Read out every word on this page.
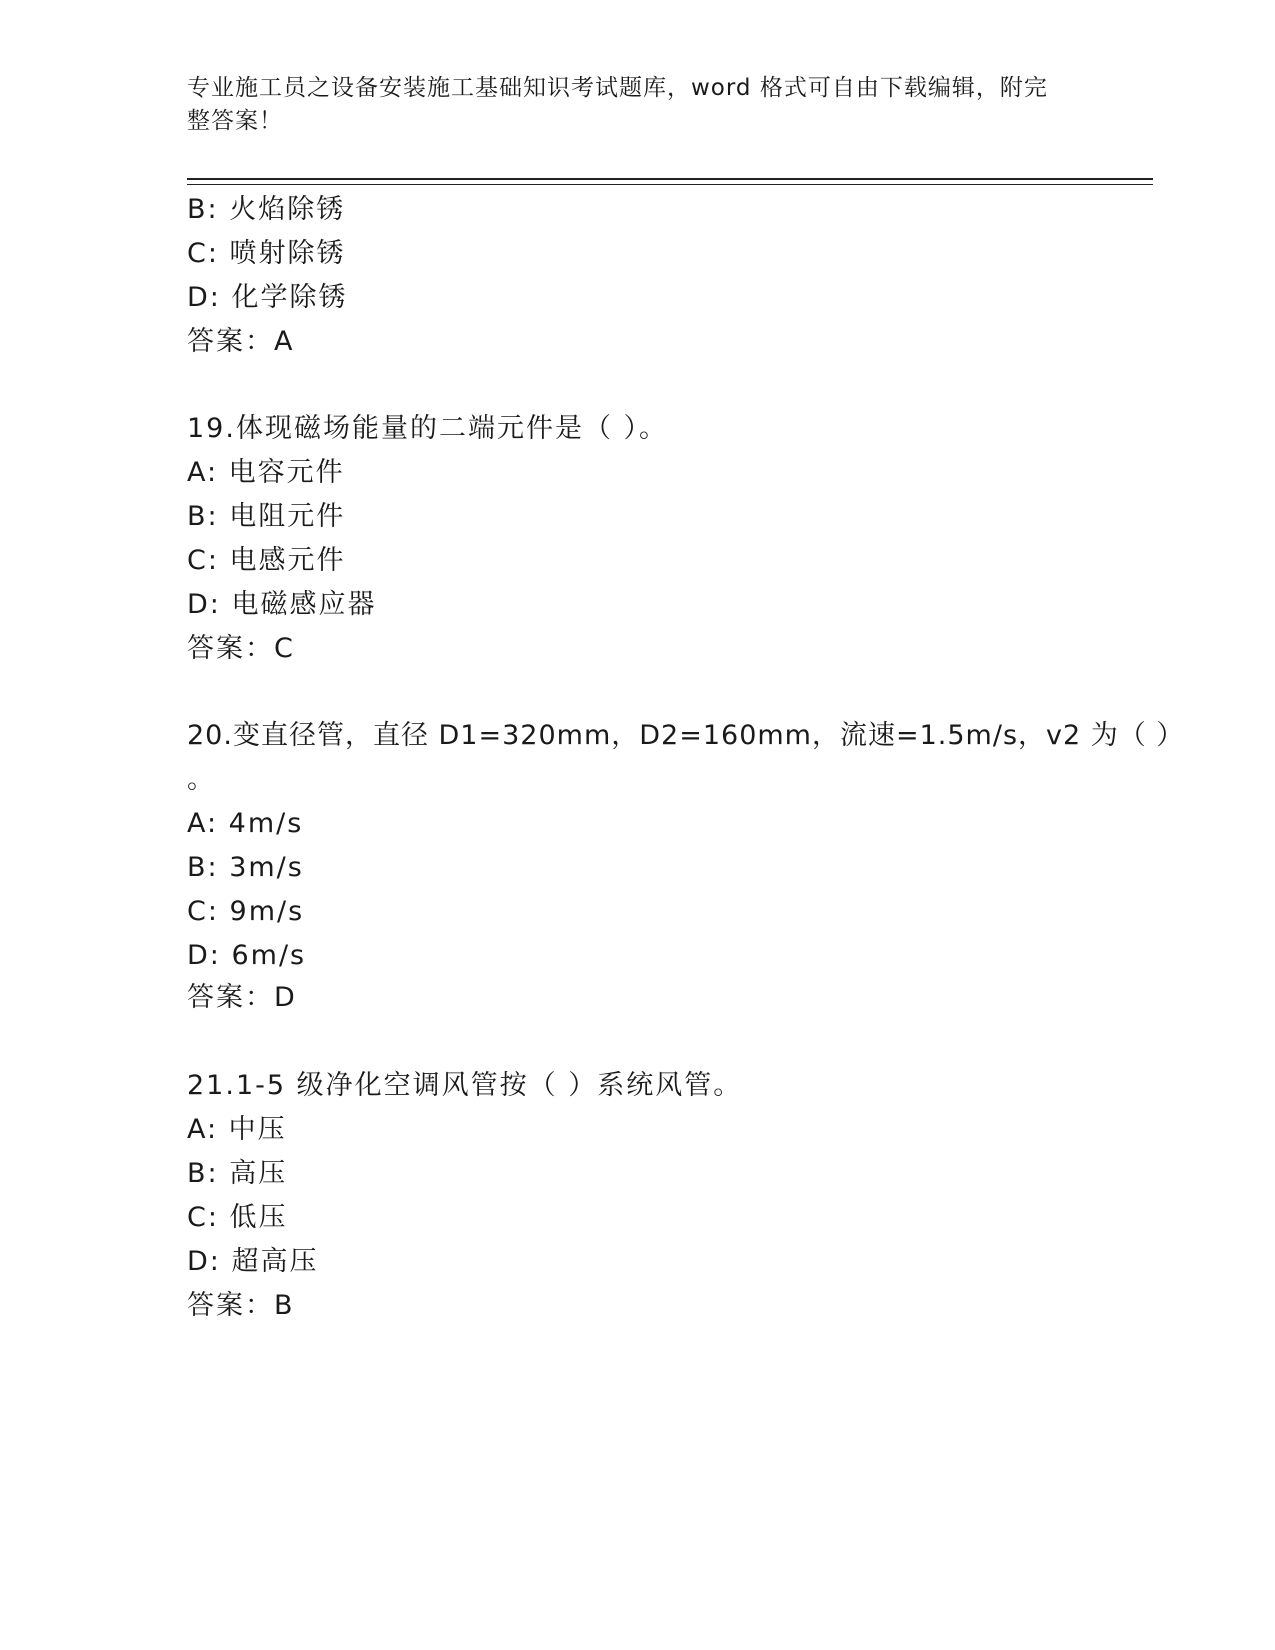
专业施工员之设备安装施工基础知识考试题库，word 格式可自由下载编辑，附完
整答案！
B: 火焰除锈
C: 喷射除锈
D: 化学除锈
答案：A
19.体现磁场能量的二端元件是（ ）。
A: 电容元件
B: 电阻元件
C: 电感元件
D: 电磁感应器
答案：C
20.变直径管，直径 D1=320mm，D2=160mm，流速=1.5m/s，v2 为（ ）
。
A: 4m/s
B: 3m/s
C: 9m/s
D: 6m/s
答案：D
21.1-5 级净化空调风管按（ ）系统风管。
A: 中压
B: 高压
C: 低压
D: 超高压
答案：B
